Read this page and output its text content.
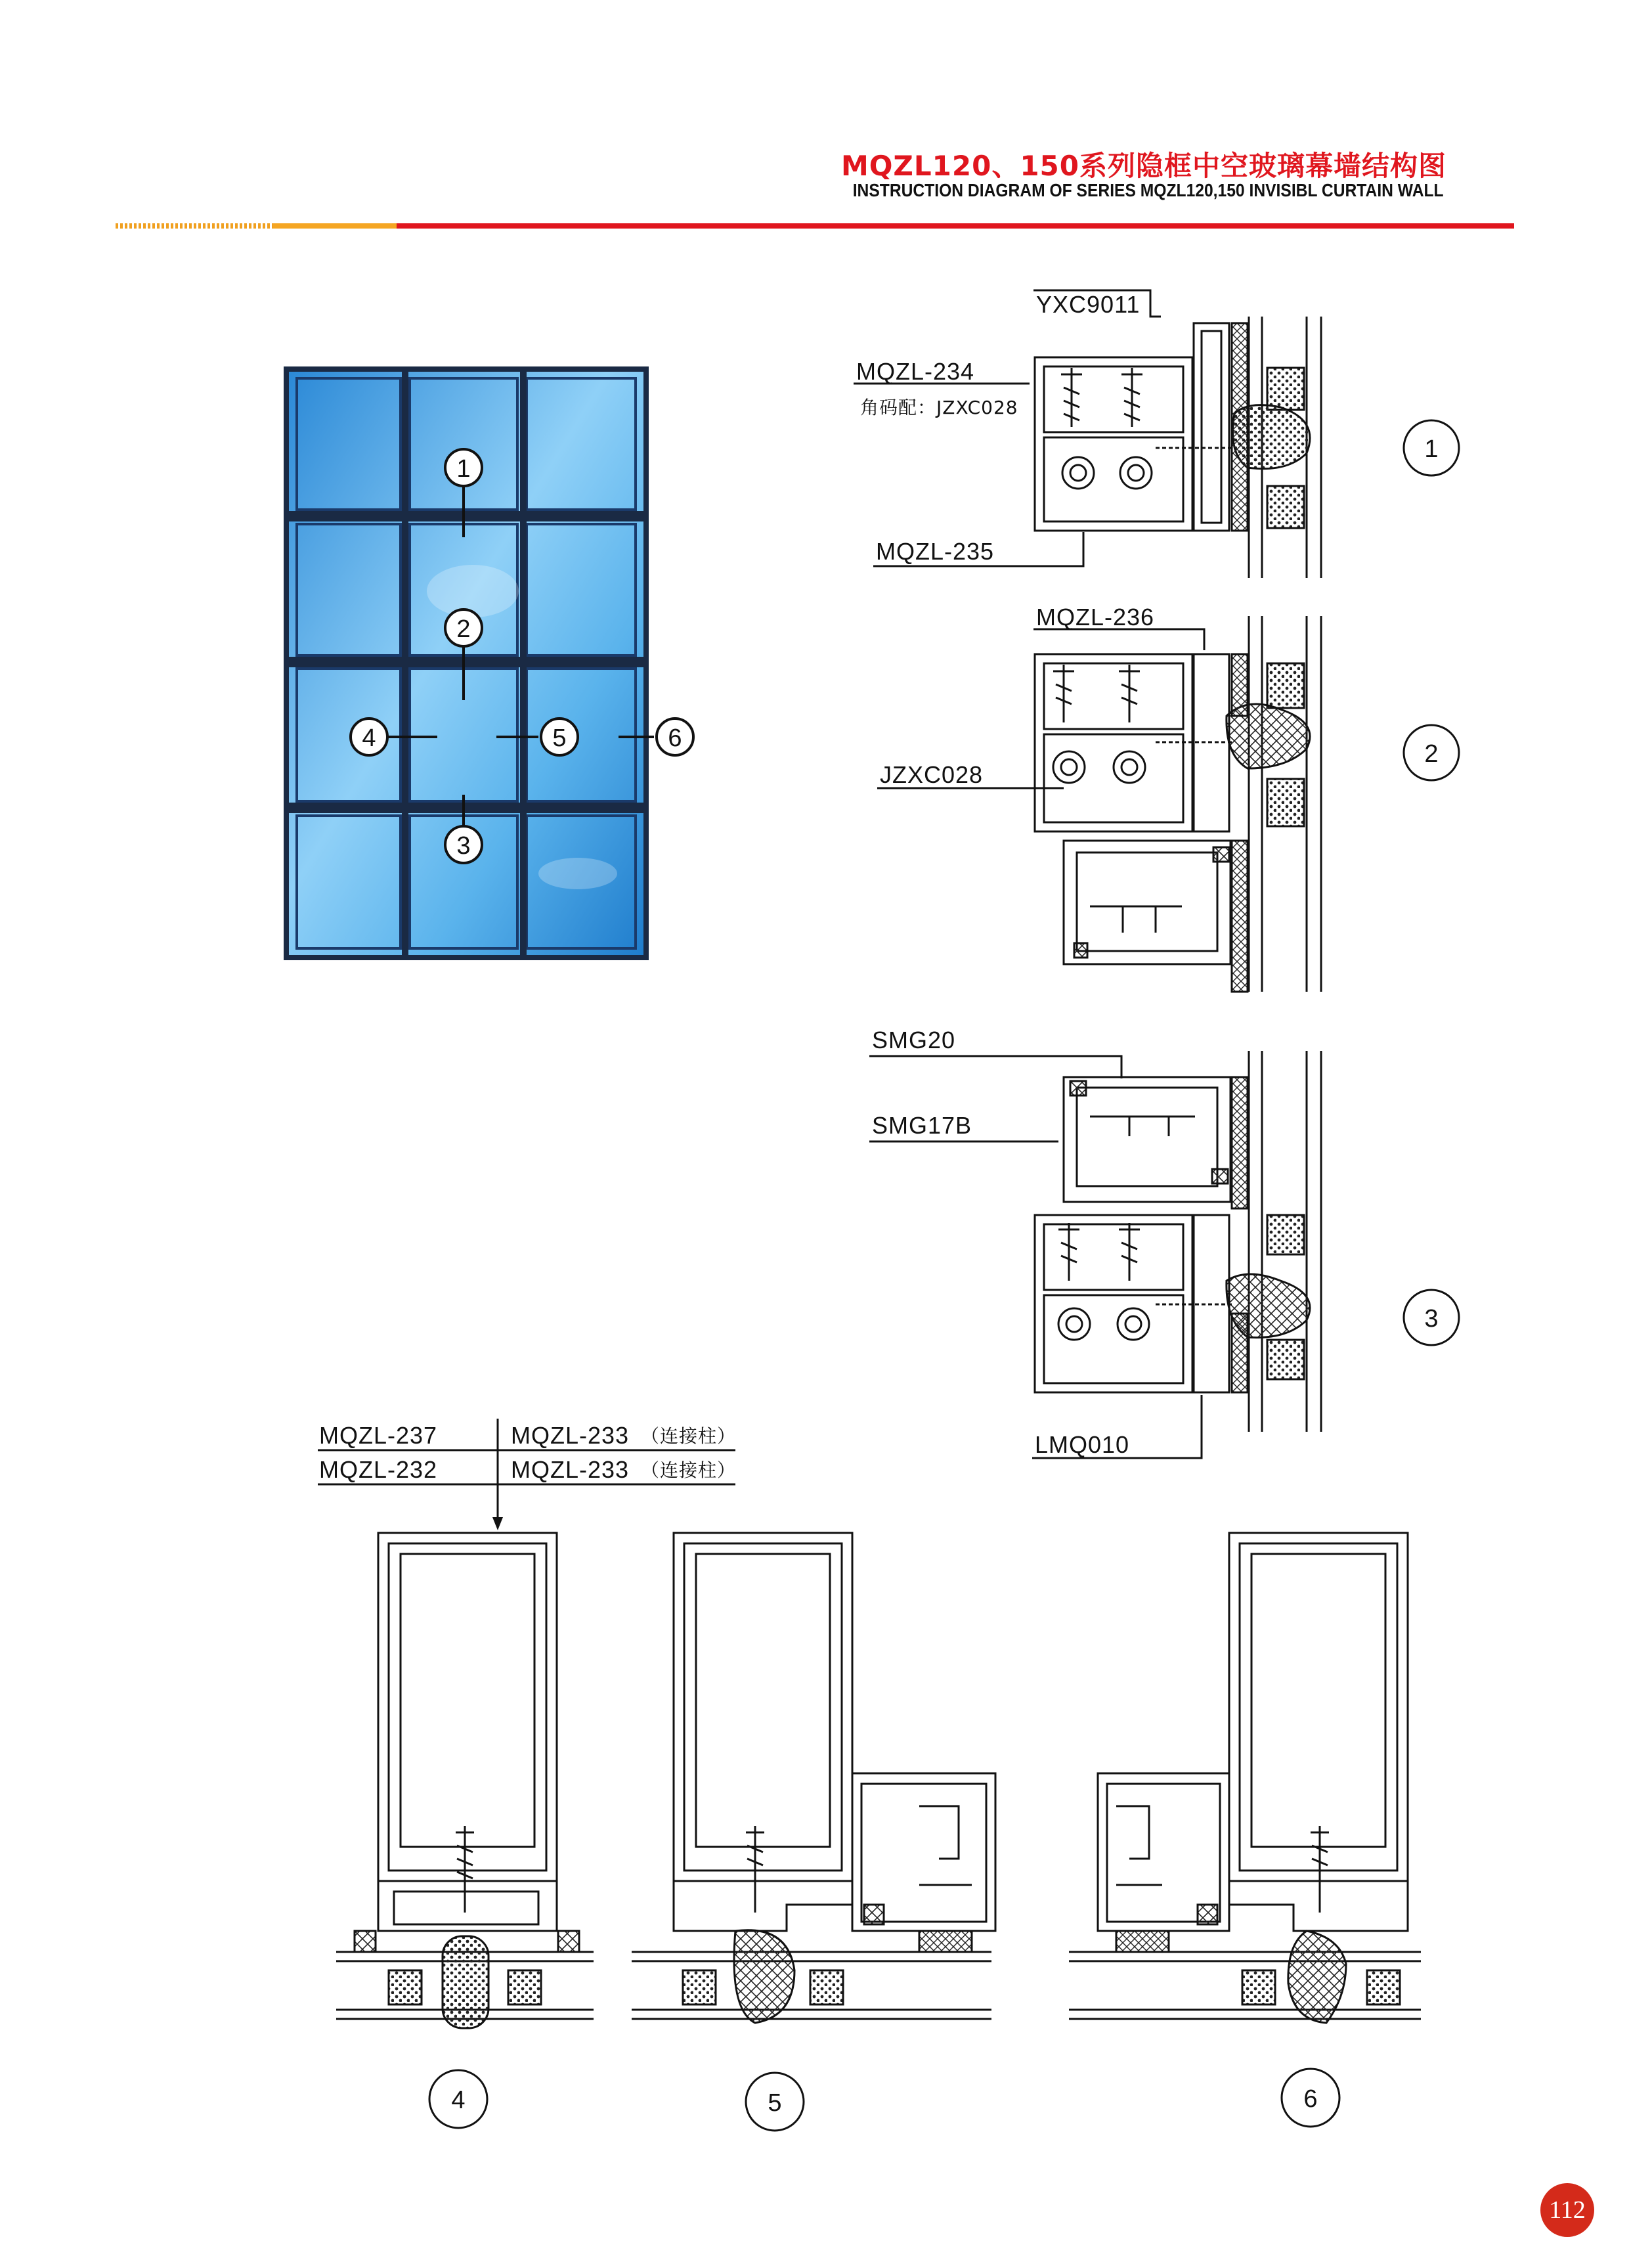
MQZL120、150系列隐框中空玻璃幕墙结构图
INSTRUCTION DIAGRAM OF SERIES MQZL120,150 INVISIBL CURTAIN WALL
1
2
3
4	5	6
YXC9011
MQZL-234
角码配：JZXC028
MQZL-235
1
MQZL-236
JZXC028
2
SMG20
SMG17B
LMQ010
3
MQZL-237	MQZL-233 （连接柱）
MQZL-232	MQZL-233 （连接柱）
4	5	6
112
